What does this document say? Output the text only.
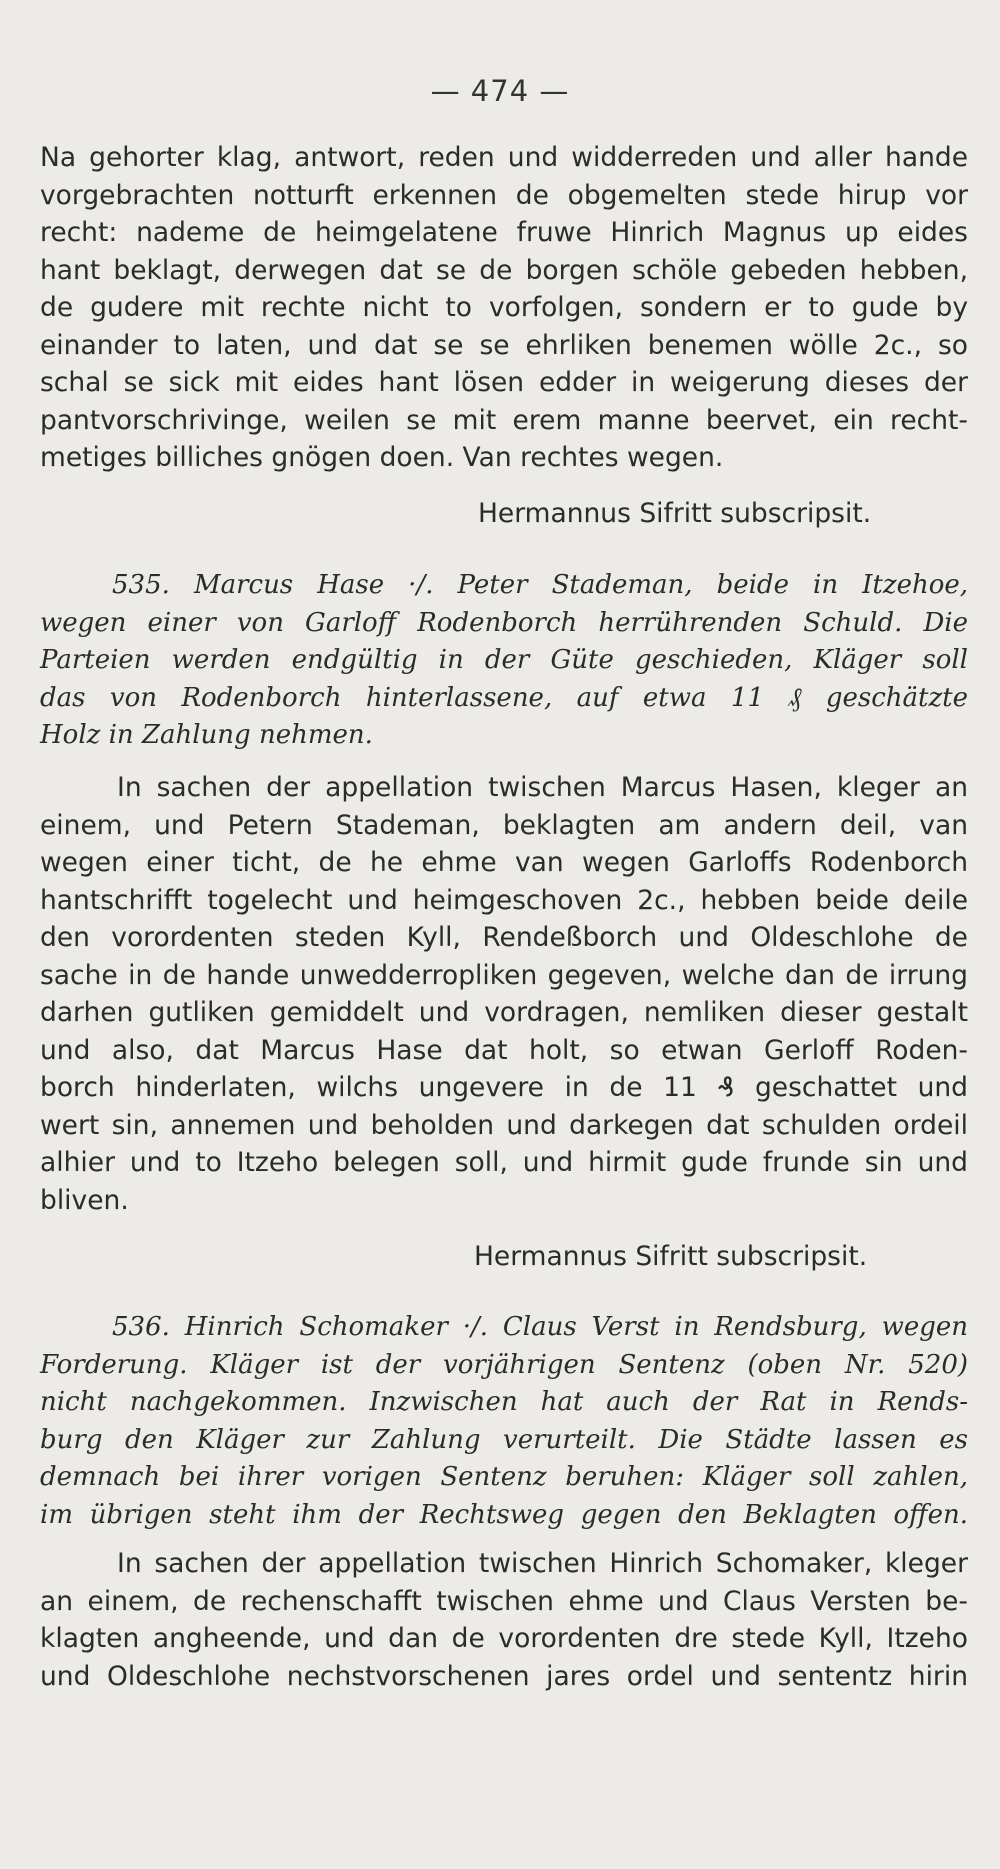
— 474 —
Na gehorter klag, antwort, reden und widderreden und aller hande
vorgebrachten notturft erkennen de obgemelten stede hirup vor
recht: nademe de heimgelatene fruwe Hinrich Magnus up eides
hant beklagt, derwegen dat se de borgen schöle gebeden hebben,
de gudere mit rechte nicht to vorfolgen, sondern er to gude by
einander to laten, und dat se se ehrliken benemen wölle 2c., so
schal se sick mit eides hant lösen edder in weigerung dieses der
pantvorschrivinge, weilen se mit erem manne beervet, ein recht-
metiges billiches gnögen doen. Van rechtes wegen.
Hermannus Sifritt subscripsit.
535. Marcus Hase ·/. Peter Stademan, beide in Itzehoe,
wegen einer von Garloff Rodenborch herrührenden Schuld. Die
Parteien werden endgültig in der Güte geschieden, Kläger soll
das von Rodenborch hinterlassene, auf etwa 11 ₰ geschätzte
Holz in Zahlung nehmen.
In sachen der appellation twischen Marcus Hasen, kleger an
einem, und Petern Stademan, beklagten am andern deil, van
wegen einer ticht, de he ehme van wegen Garloffs Rodenborch
hantschrifft togelecht und heimgeschoven 2c., hebben beide deile
den vorordenten steden Kyll, Rendeßborch und Oldeschlohe de
sache in de hande unwedderropliken gegeven, welche dan de irrung
darhen gutliken gemiddelt und vordragen, nemliken dieser gestalt
und also, dat Marcus Hase dat holt, so etwan Gerloff Roden-
borch hinderlaten, wilchs ungevere in de 11 ₰ geschattet und
wert sin, annemen und beholden und darkegen dat schulden ordeil
alhier und to Itzeho belegen soll, und hirmit gude frunde sin und
bliven.
Hermannus Sifritt subscripsit.
536. Hinrich Schomaker ·/. Claus Verst in Rendsburg, wegen
Forderung. Kläger ist der vorjährigen Sentenz (oben Nr. 520)
nicht nachgekommen. Inzwischen hat auch der Rat in Rends-
burg den Kläger zur Zahlung verurteilt. Die Städte lassen es
demnach bei ihrer vorigen Sentenz beruhen: Kläger soll zahlen,
im übrigen steht ihm der Rechtsweg gegen den Beklagten offen.
In sachen der appellation twischen Hinrich Schomaker, kleger
an einem, de rechenschafft twischen ehme und Claus Versten be-
klagten angheende, und dan de vorordenten dre stede Kyll, Itzeho
und Oldeschlohe nechstvorschenen jares ordel und sententz hirin
